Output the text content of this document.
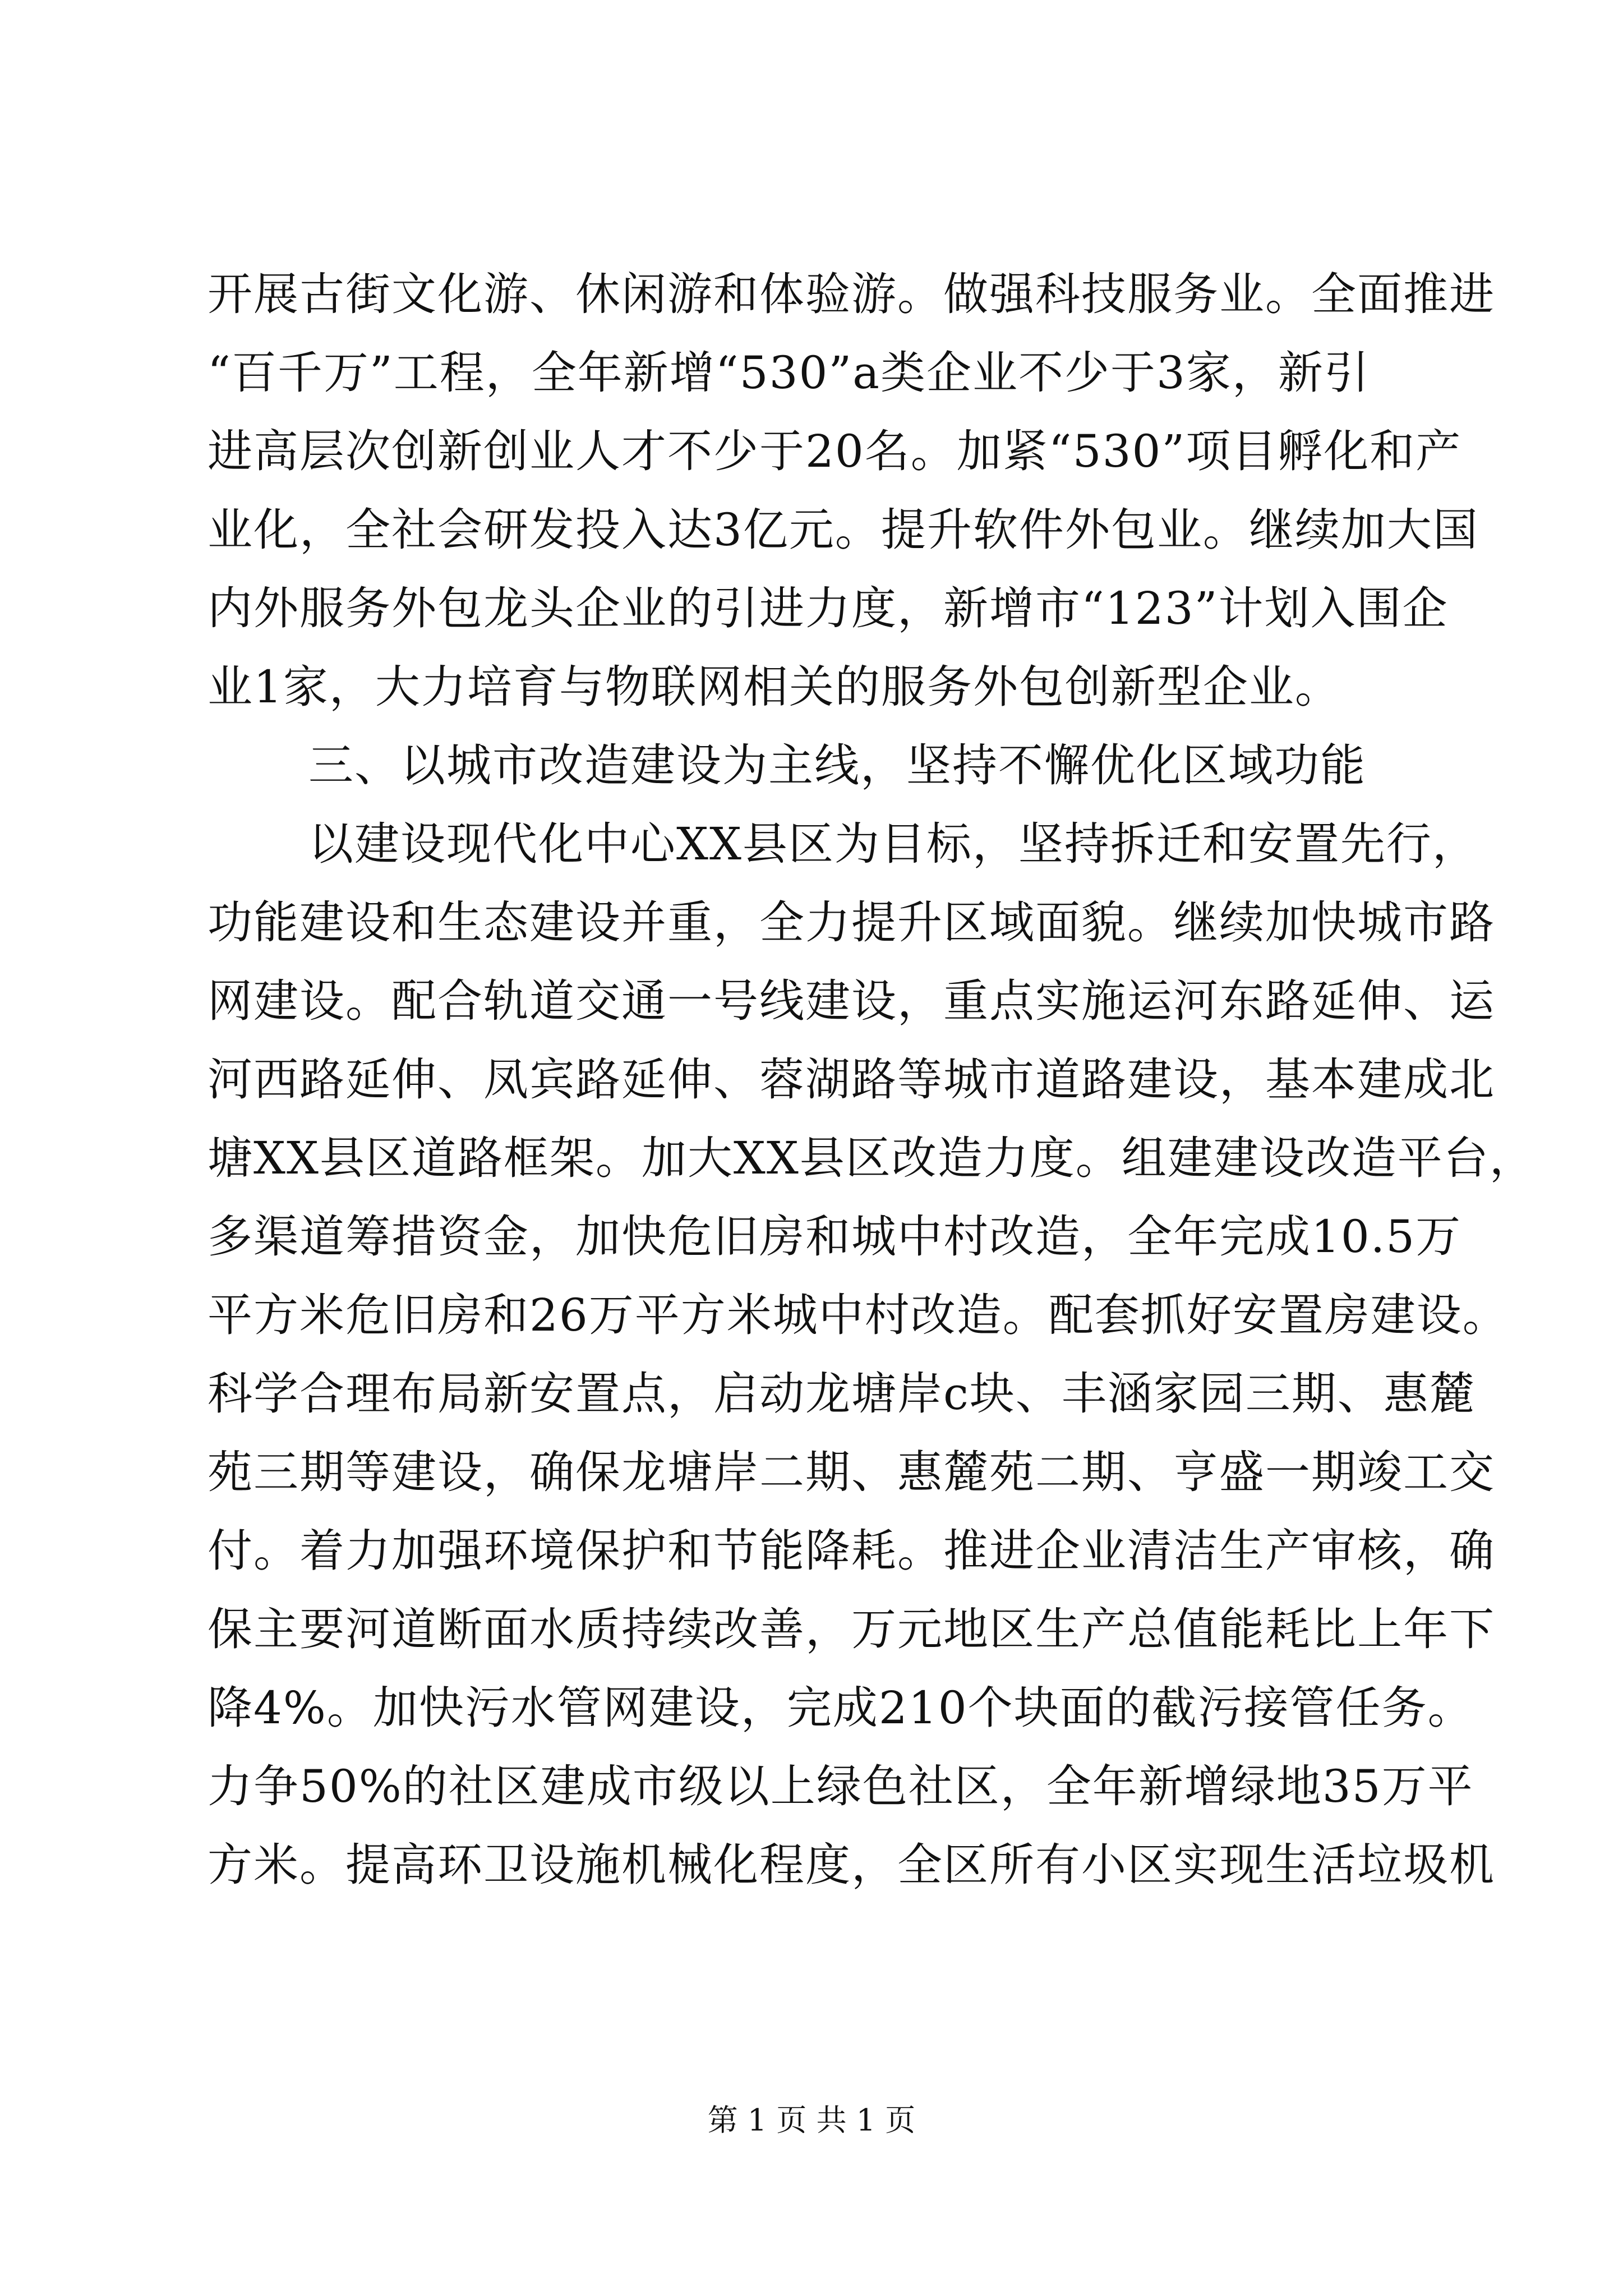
开展古街文化游、休闲游和体验游。做强科技服务业。全面推进
“百千万”工程，全年新增“530”a类企业不少于3家，新引
进高层次创新创业人才不少于20名。加紧“530”项目孵化和产
业化，全社会研发投入达3亿元。提升软件外包业。继续加大国
内外服务外包龙头企业的引进力度，新增市“123”计划入围企
业1家，大力培育与物联网相关的服务外包创新型企业。
三、以城市改造建设为主线，坚持不懈优化区域功能
以建设现代化中心XX县区为目标，坚持拆迁和安置先行，
功能建设和生态建设并重，全力提升区域面貌。继续加快城市路
网建设。配合轨道交通一号线建设，重点实施运河东路延伸、运
河西路延伸、凤宾路延伸、蓉湖路等城市道路建设，基本建成北
塘XX县区道路框架。加大XX县区改造力度。组建建设改造平台，
多渠道筹措资金，加快危旧房和城中村改造，全年完成10.5万
平方米危旧房和26万平方米城中村改造。配套抓好安置房建设。
科学合理布局新安置点，启动龙塘岸c块、丰涵家园三期、惠麓
苑三期等建设，确保龙塘岸二期、惠麓苑二期、亨盛一期竣工交
付。着力加强环境保护和节能降耗。推进企业清洁生产审核，确
保主要河道断面水质持续改善，万元地区生产总值能耗比上年下
降4%。加快污水管网建设，完成210个块面的截污接管任务。
力争50%的社区建成市级以上绿色社区，全年新增绿地35万平
方米。提高环卫设施机械化程度，全区所有小区实现生活垃圾机
第 1 页 共 1 页
